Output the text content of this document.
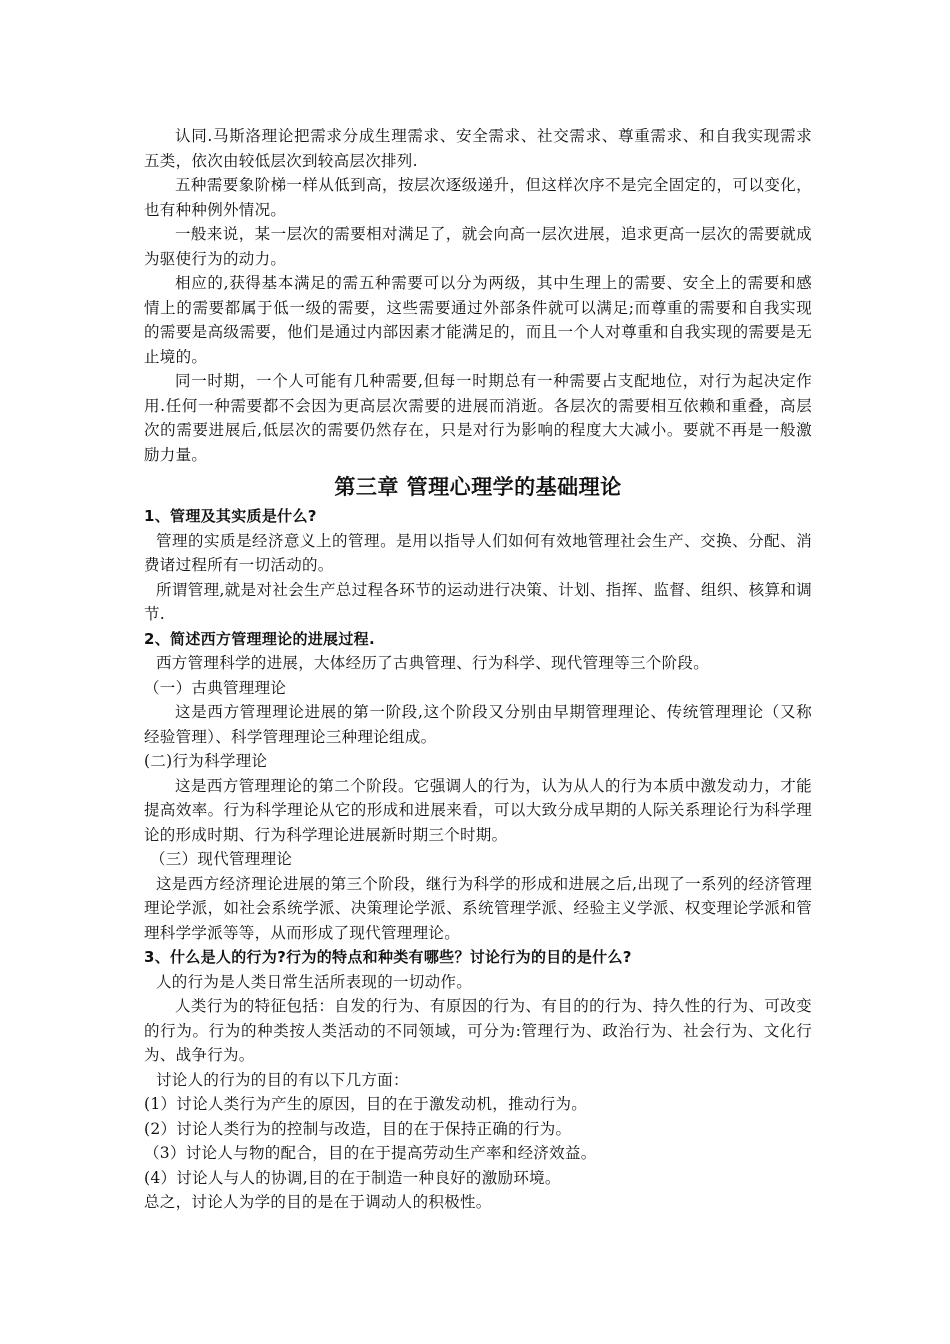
认同.马斯洛理论把需求分成生理需求、安全需求、社交需求、尊重需求、和自我实现需求五类，依次由较低层次到较高层次排列.

五种需要象阶梯一样从低到高，按层次逐级递升，但这样次序不是完全固定的，可以变化，也有种种例外情况。

一般来说，某一层次的需要相对满足了，就会向高一层次进展，追求更高一层次的需要就成为驱使行为的动力。

相应的,获得基本满足的需五种需要可以分为两级，其中生理上的需要、安全上的需要和感情上的需要都属于低一级的需要，这些需要通过外部条件就可以满足;而尊重的需要和自我实现的需要是高级需要，他们是通过内部因素才能满足的，而且一个人对尊重和自我实现的需要是无止境的。

同一时期，一个人可能有几种需要,但每一时期总有一种需要占支配地位，对行为起决定作用.任何一种需要都不会因为更高层次需要的进展而消逝。各层次的需要相互依赖和重叠，高层次的需要进展后,低层次的需要仍然存在，只是对行为影响的程度大大减小。要就不再是一般激励力量。

第三章 管理心理学的基础理论

1、管理及其实质是什么?

管理的实质是经济意义上的管理。是用以指导人们如何有效地管理社会生产、交换、分配、消费诸过程所有一切活动的。

所谓管理,就是对社会生产总过程各环节的运动进行决策、计划、指挥、监督、组织、核算和调节.

2、简述西方管理理论的进展过程.

西方管理科学的进展，大体经历了古典管理、行为科学、现代管理等三个阶段。

（一）古典管理理论

这是西方管理理论进展的第一阶段,这个阶段又分别由早期管理理论、传统管理理论（又称经验管理）、科学管理理论三种理论组成。

(二)行为科学理论

这是西方管理理论的第二个阶段。它强调人的行为，认为从人的行为本质中激发动力，才能提高效率。行为科学理论从它的形成和进展来看，可以大致分成早期的人际关系理论行为科学理论的形成时期、行为科学理论进展新时期三个时期。

（三）现代管理理论

这是西方经济理论进展的第三个阶段，继行为科学的形成和进展之后,出现了一系列的经济管理理论学派，如社会系统学派、决策理论学派、系统管理学派、经验主义学派、权变理论学派和管理科学学派等等，从而形成了现代管理理论。

3、什么是人的行为?行为的特点和种类有哪些？讨论行为的目的是什么?

人的行为是人类日常生活所表现的一切动作。

人类行为的特征包括：自发的行为、有原因的行为、有目的的行为、持久性的行为、可改变的行为。行为的种类按人类活动的不同领域，可分为:管理行为、政治行为、社会行为、文化行为、战争行为。

讨论人的行为的目的有以下几方面：

(1）讨论人类行为产生的原因，目的在于激发动机，推动行为。

(2）讨论人类行为的控制与改造，目的在于保持正确的行为。

（3）讨论人与物的配合，目的在于提高劳动生产率和经济效益。

(4）讨论人与人的协调,目的在于制造一种良好的激励环境。

总之，讨论人为学的目的是在于调动人的积极性。
